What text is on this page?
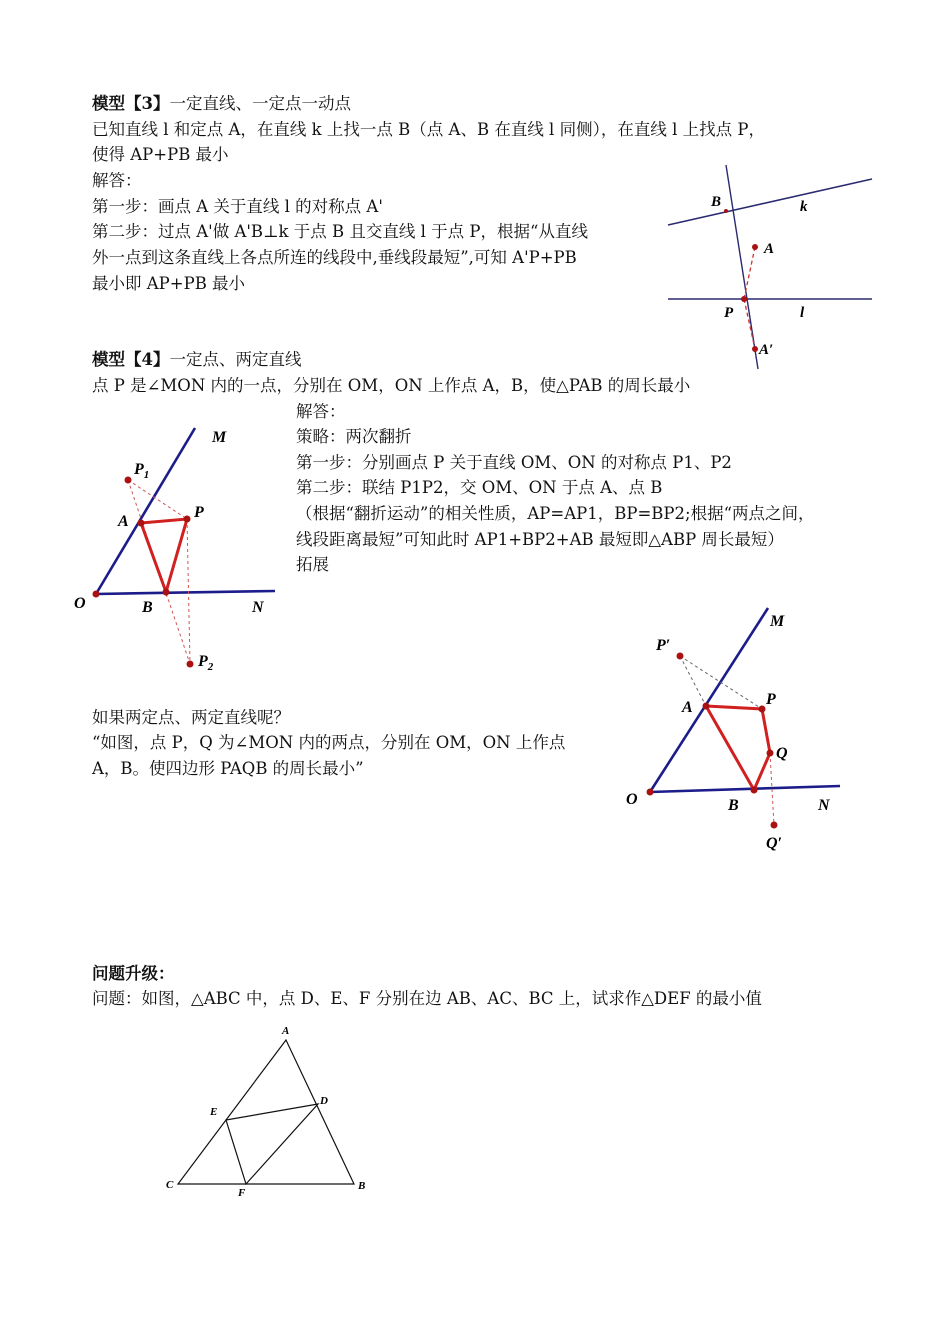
模型【3】一定直线、一定点一动点
已知直线 l 和定点 A，在直线 k 上找一点 B（点 A、B 在直线 l 同侧），在直线 l 上找点 P，
使得 AP+PB 最小
解答：
第一步：画点 A 关于直线 l 的对称点 A'
第二步：过点 A'做 A'B⊥k 于点 B 且交直线 l 于点 P，根据“从直线
外一点到这条直线上各点所连的线段中,垂线段最短”,可知 A'P+PB
最小即 AP+PB 最小
B	k
A
P	l
A′
模型【4】一定点、两定直线
点 P 是∠MON 内的一点，分别在 OM，ON 上作点 A，B，使△PAB 的周长最小
解答：
策略：两次翻折
第一步：分别画点 P 关于直线 OM、ON 的对称点 P1、P2
第二步：联结 P1P2，交 OM、ON 于点 A、点 B
（根据“翻折运动”的相关性质，AP=AP1，BP=BP2;根据“两点之间，
线段距离最短”可知此时 AP1+BP2+AB 最短即△ABP 周长最短）
拓展
M
$P_1$
A
P
O	B	N
$P_2$
如果两定点、两定直线呢？
“如图，点 P，Q 为∠MON 内的两点，分别在 OM，ON 上作点
A，B。使四边形 PAQB 的周长最小”
M
P′
P
A
Q
O	B	N
Q′
问题升级：
问题：如图，△ABC 中，点 D、E、F 分别在边 AB、AC、BC 上，试求作△DEF 的最小值
A
E
D
C
F
B
